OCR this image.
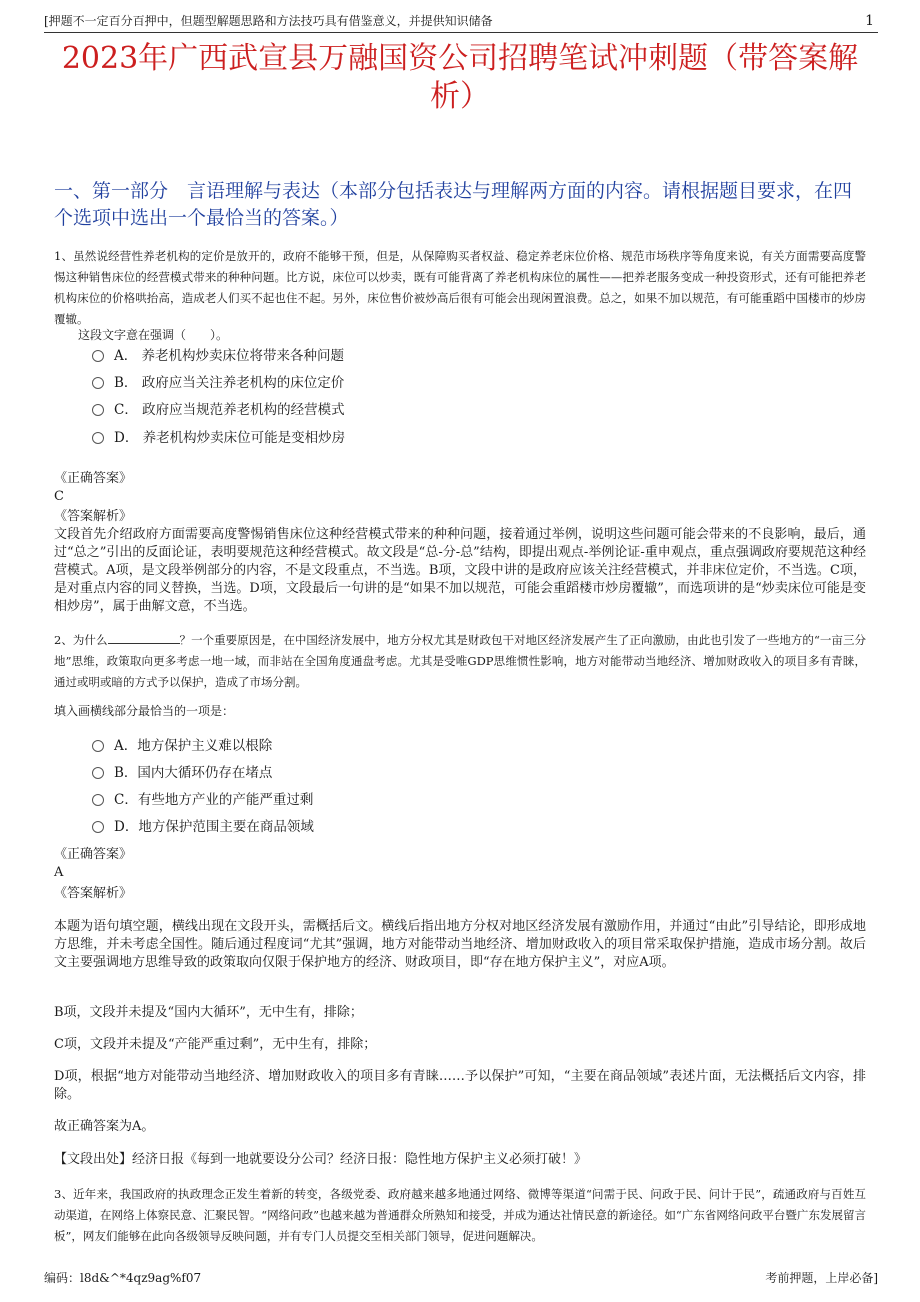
[押题不一定百分百押中，但题型解题思路和方法技巧具有借鉴意义，并提供知识储备	1
2023年广西武宣县万融国资公司招聘笔试冲刺题（带答案解析）
一、第一部分　言语理解与表达（本部分包括表达与理解两方面的内容。请根据题目要求，在四个选项中选出一个最恰当的答案。）
1、虽然说经营性养老机构的定价是放开的，政府不能够干预，但是，从保障购买者权益、稳定养老床位价格、规范市场秩序等角度来说，有关方面需要高度警惕这种销售床位的经营模式带来的种种问题。比方说，床位可以炒卖，既有可能背离了养老机构床位的属性——把养老服务变成一种投资形式，还有可能把养老机构床位的价格哄抬高，造成老人们买不起也住不起。另外，床位售价被炒高后很有可能会出现闲置浪费。总之，如果不加以规范，有可能重蹈中国楼市的炒房覆辙。
这段文字意在强调（　　）。
A． 养老机构炒卖床位将带来各种问题
B． 政府应当关注养老机构的床位定价
C． 政府应当规范养老机构的经营模式
D． 养老机构炒卖床位可能是变相炒房
《正确答案》
C
《答案解析》
文段首先介绍政府方面需要高度警惕销售床位这种经营模式带来的种种问题，接着通过举例，说明这些问题可能会带来的不良影响，最后，通过“总之”引出的反面论证，表明要规范这种经营模式。故文段是“总-分-总”结构，即提出观点-举例论证-重申观点，重点强调政府要规范这种经营模式。A项，是文段举例部分的内容，不是文段重点，不当选。B项，文段中讲的是政府应该关注经营模式，并非床位定价，不当选。C项，是对重点内容的同义替换，当选。D项，文段最后一句讲的是“如果不加以规范，可能会重蹈楼市炒房覆辙”，而选项讲的是“炒卖床位可能是变相炒房”，属于曲解文意，不当选。
2、为什么	？一个重要原因是，在中国经济发展中，地方分权尤其是财政包干对地区经济发展产生了正向激励，由此也引发了一些地方的“一亩三分地”思维，政策取向更多考虑一地一域，而非站在全国角度通盘考虑。尤其是受唯GDP思维惯性影响，地方对能带动当地经济、增加财政收入的项目多有青睐，通过或明或暗的方式予以保护，造成了市场分割。
填入画横线部分最恰当的一项是：
A．地方保护主义难以根除
B．国内大循环仍存在堵点
C．有些地方产业的产能严重过剩
D．地方保护范围主要在商品领域
《正确答案》
A
《答案解析》
本题为语句填空题，横线出现在文段开头，需概括后文。横线后指出地方分权对地区经济发展有激励作用，并通过“由此”引导结论，即形成地方思维，并未考虑全国性。随后通过程度词“尤其”强调，地方对能带动当地经济、增加财政收入的项目常采取保护措施，造成市场分割。故后文主要强调地方思维导致的政策取向仅限于保护地方的经济、财政项目，即“存在地方保护主义”，对应A项。
B项，文段并未提及“国内大循环”，无中生有，排除；
C项，文段并未提及“产能严重过剩”，无中生有，排除；
D项，根据“地方对能带动当地经济、增加财政收入的项目多有青睐……予以保护”可知，“主要在商品领域”表述片面，无法概括后文内容，排除。
故正确答案为A。
【文段出处】经济日报《每到一地就要设分公司？经济日报：隐性地方保护主义必须打破！》
3、近年来，我国政府的执政理念正发生着新的转变，各级党委、政府越来越多地通过网络、微博等渠道“问需于民、问政于民、问计于民”，疏通政府与百姓互动渠道，在网络上体察民意、汇聚民智。“网络问政”也越来越为普通群众所熟知和接受，并成为通达社情民意的新途径。如“广东省网络问政平台暨广东发展留言板”，网友们能够在此向各级领导反映问题，并有专门人员提交至相关部门领导，促进问题解决。
编码：l8d&^*4qz9ag%f07	考前押题，上岸必备]
